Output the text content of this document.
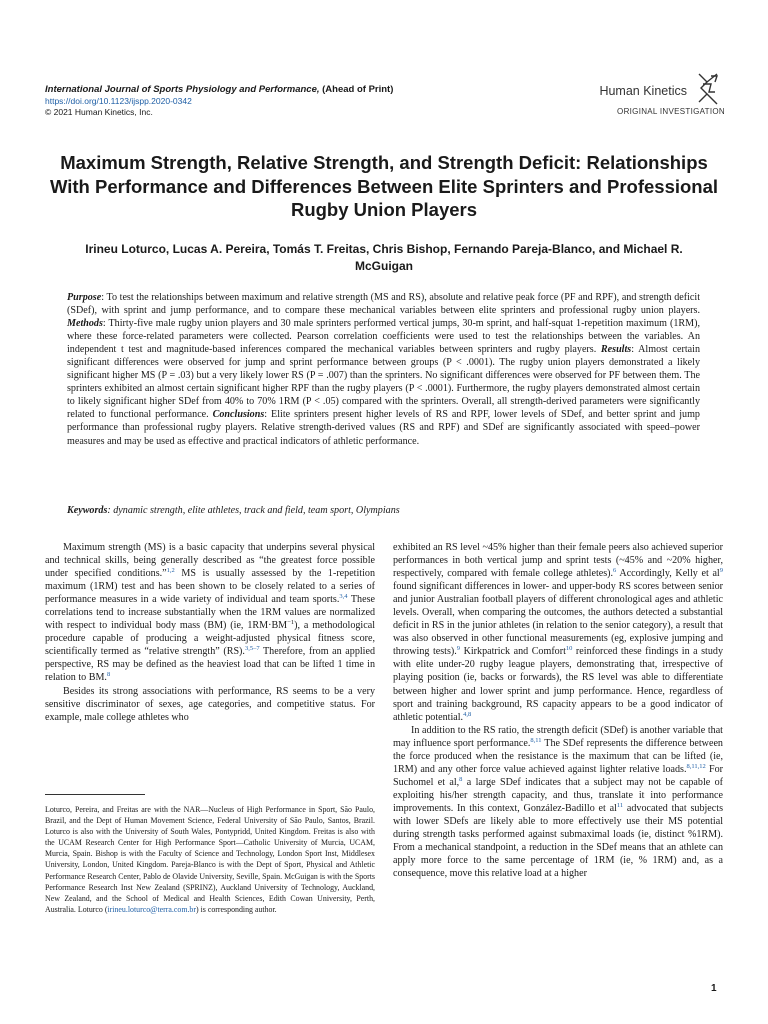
International Journal of Sports Physiology and Performance, (Ahead of Print)
https://doi.org/10.1123/ijspp.2020-0342
© 2021 Human Kinetics, Inc.
Human Kinetics
ORIGINAL INVESTIGATION
Maximum Strength, Relative Strength, and Strength Deficit: Relationships With Performance and Differences Between Elite Sprinters and Professional Rugby Union Players

Irineu Loturco, Lucas A. Pereira, Tomás T. Freitas, Chris Bishop, Fernando Pareja-Blanco, and Michael R. McGuigan

Purpose: To test the relationships between maximum and relative strength (MS and RS), absolute and relative peak force (PF and RPF), and strength deficit (SDef), with sprint and jump performance, and to compare these mechanical variables between elite sprinters and professional rugby union players. Methods: Thirty-five male rugby union players and 30 male sprinters performed vertical jumps, 30-m sprint, and half-squat 1-repetition maximum (1RM), where these force-related parameters were collected. Pearson correlation coefficients were used to test the relationships between the variables. An independent t test and magnitude-based inferences compared the mechanical variables between sprinters and rugby players. Results: Almost certain significant differences were observed for jump and sprint performance between groups (P < .0001). The rugby union players demonstrated a likely significant higher MS (P = .03) but a very likely lower RS (P = .007) than the sprinters. No significant differences were observed for PF between them. The sprinters exhibited an almost certain significant higher RPF than the rugby players (P < .0001). Furthermore, the rugby players demonstrated almost certain to likely significant higher SDef from 40% to 70% 1RM (P < .05) compared with the sprinters. Overall, all strength-derived parameters were significantly related to functional performance. Conclusions: Elite sprinters present higher levels of RS and RPF, lower levels of SDef, and better sprint and jump performance than professional rugby players. Relative strength-derived values (RS and RPF) and SDef are significantly associated with speed–power measures and may be used as effective and practical indicators of athletic performance.

Keywords: dynamic strength, elite athletes, track and field, team sport, Olympians

Maximum strength (MS) is a basic capacity that underpins several physical and technical skills, being generally described as “the greatest force possible under specified conditions.”$^{1,2}$ MS is usually assessed by the 1-repetition maximum (1RM) test and has been shown to be closely related to a series of performance measures in a wide variety of individual and team sports.$^{3,4}$ These correlations tend to increase substantially when the 1RM values are normalized with respect to individual body mass (BM) (ie, $1RM\cdot BM^{-1}$), a methodological procedure capable of producing a weight-adjusted physical fitness score, scientifically termed as “relative strength” (RS).$^{3,5-7}$ Therefore, from an applied perspective, RS may be defined as the heaviest load that can be lifted 1 time in relation to BM.$^8$

Besides its strong associations with performance, RS seems to be a very sensitive discriminator of sexes, age categories, and competitive status. For example, male college athletes who

Loturco, Pereira, and Freitas are with the NAR—Nucleus of High Performance in Sport, São Paulo, Brazil, and the Dept of Human Movement Science, Federal University of São Paulo, Santos, Brazil. Loturco is also with the University of South Wales, Pontypridd, United Kingdom. Freitas is also with the UCAM Research Center for High Performance Sport—Catholic University of Murcia, UCAM, Murcia, Spain. Bishop is with the Faculty of Science and Technology, London Sport Inst, Middlesex University, London, United Kingdom. Pareja-Blanco is with the Dept of Sport, Physical and Athletic Performance Research Center, Pablo de Olavide University, Seville, Spain. McGuigan is with the Sports Performance Research Inst New Zealand (SPRINZ), Auckland University of Technology, Auckland, New Zealand, and the School of Medical and Health Sciences, Edith Cowan University, Perth, Australia. Loturco (irineu.loturco@terra.com.br) is corresponding author.

exhibited an RS level ~45% higher than their female peers also achieved superior performances in both vertical jump and sprint tests (~45% and ~20% higher, respectively, compared with female college athletes).$^6$ Accordingly, Kelly et $al^9$ found significant differences in lower- and upper-body RS scores between senior and junior Australian football players of different chronological ages and athletic levels. Overall, when comparing the outcomes, the authors detected a substantial deficit in RS in the junior athletes (in relation to the senior category), a result that was also observed in other functional measurements (eg, explosive jumping and throwing tests).$^9$ Kirkpatrick and Comfort$^{10}$ reinforced these findings in a study with elite under-20 rugby league players, demonstrating that, irrespective of playing position (ie, backs or forwards), the RS level was able to differentiate between higher and lower sprint and jump performance. Hence, regardless of sport and training background, RS capacity appears to be a good indicator of athletic potential.$^{4,8}$

In addition to the RS ratio, the strength deficit (SDef) is another variable that may influence sport performance.$^{8,11}$ The SDef represents the difference between the force produced when the resistance is the maximum that can be lifted (ie, 1RM) and any other force value achieved against lighter relative loads.$^{8,11,12}$ For Suchomel et al,$^8$ a large SDef indicates that a subject may not be capable of exploiting his/her strength capacity, and thus, translate it into performance improvements. In this context, González-Badillo et $al^{11}$ advocated that subjects with lower SDefs are likely able to more effectively use their MS potential during strength tasks performed against submaximal loads (ie, distinct %1RM). From a mechanical standpoint, a reduction in the SDef means that an athlete can apply more force to the same percentage of 1RM (ie, % 1RM) and, as a consequence, move this relative load at a higher

1
